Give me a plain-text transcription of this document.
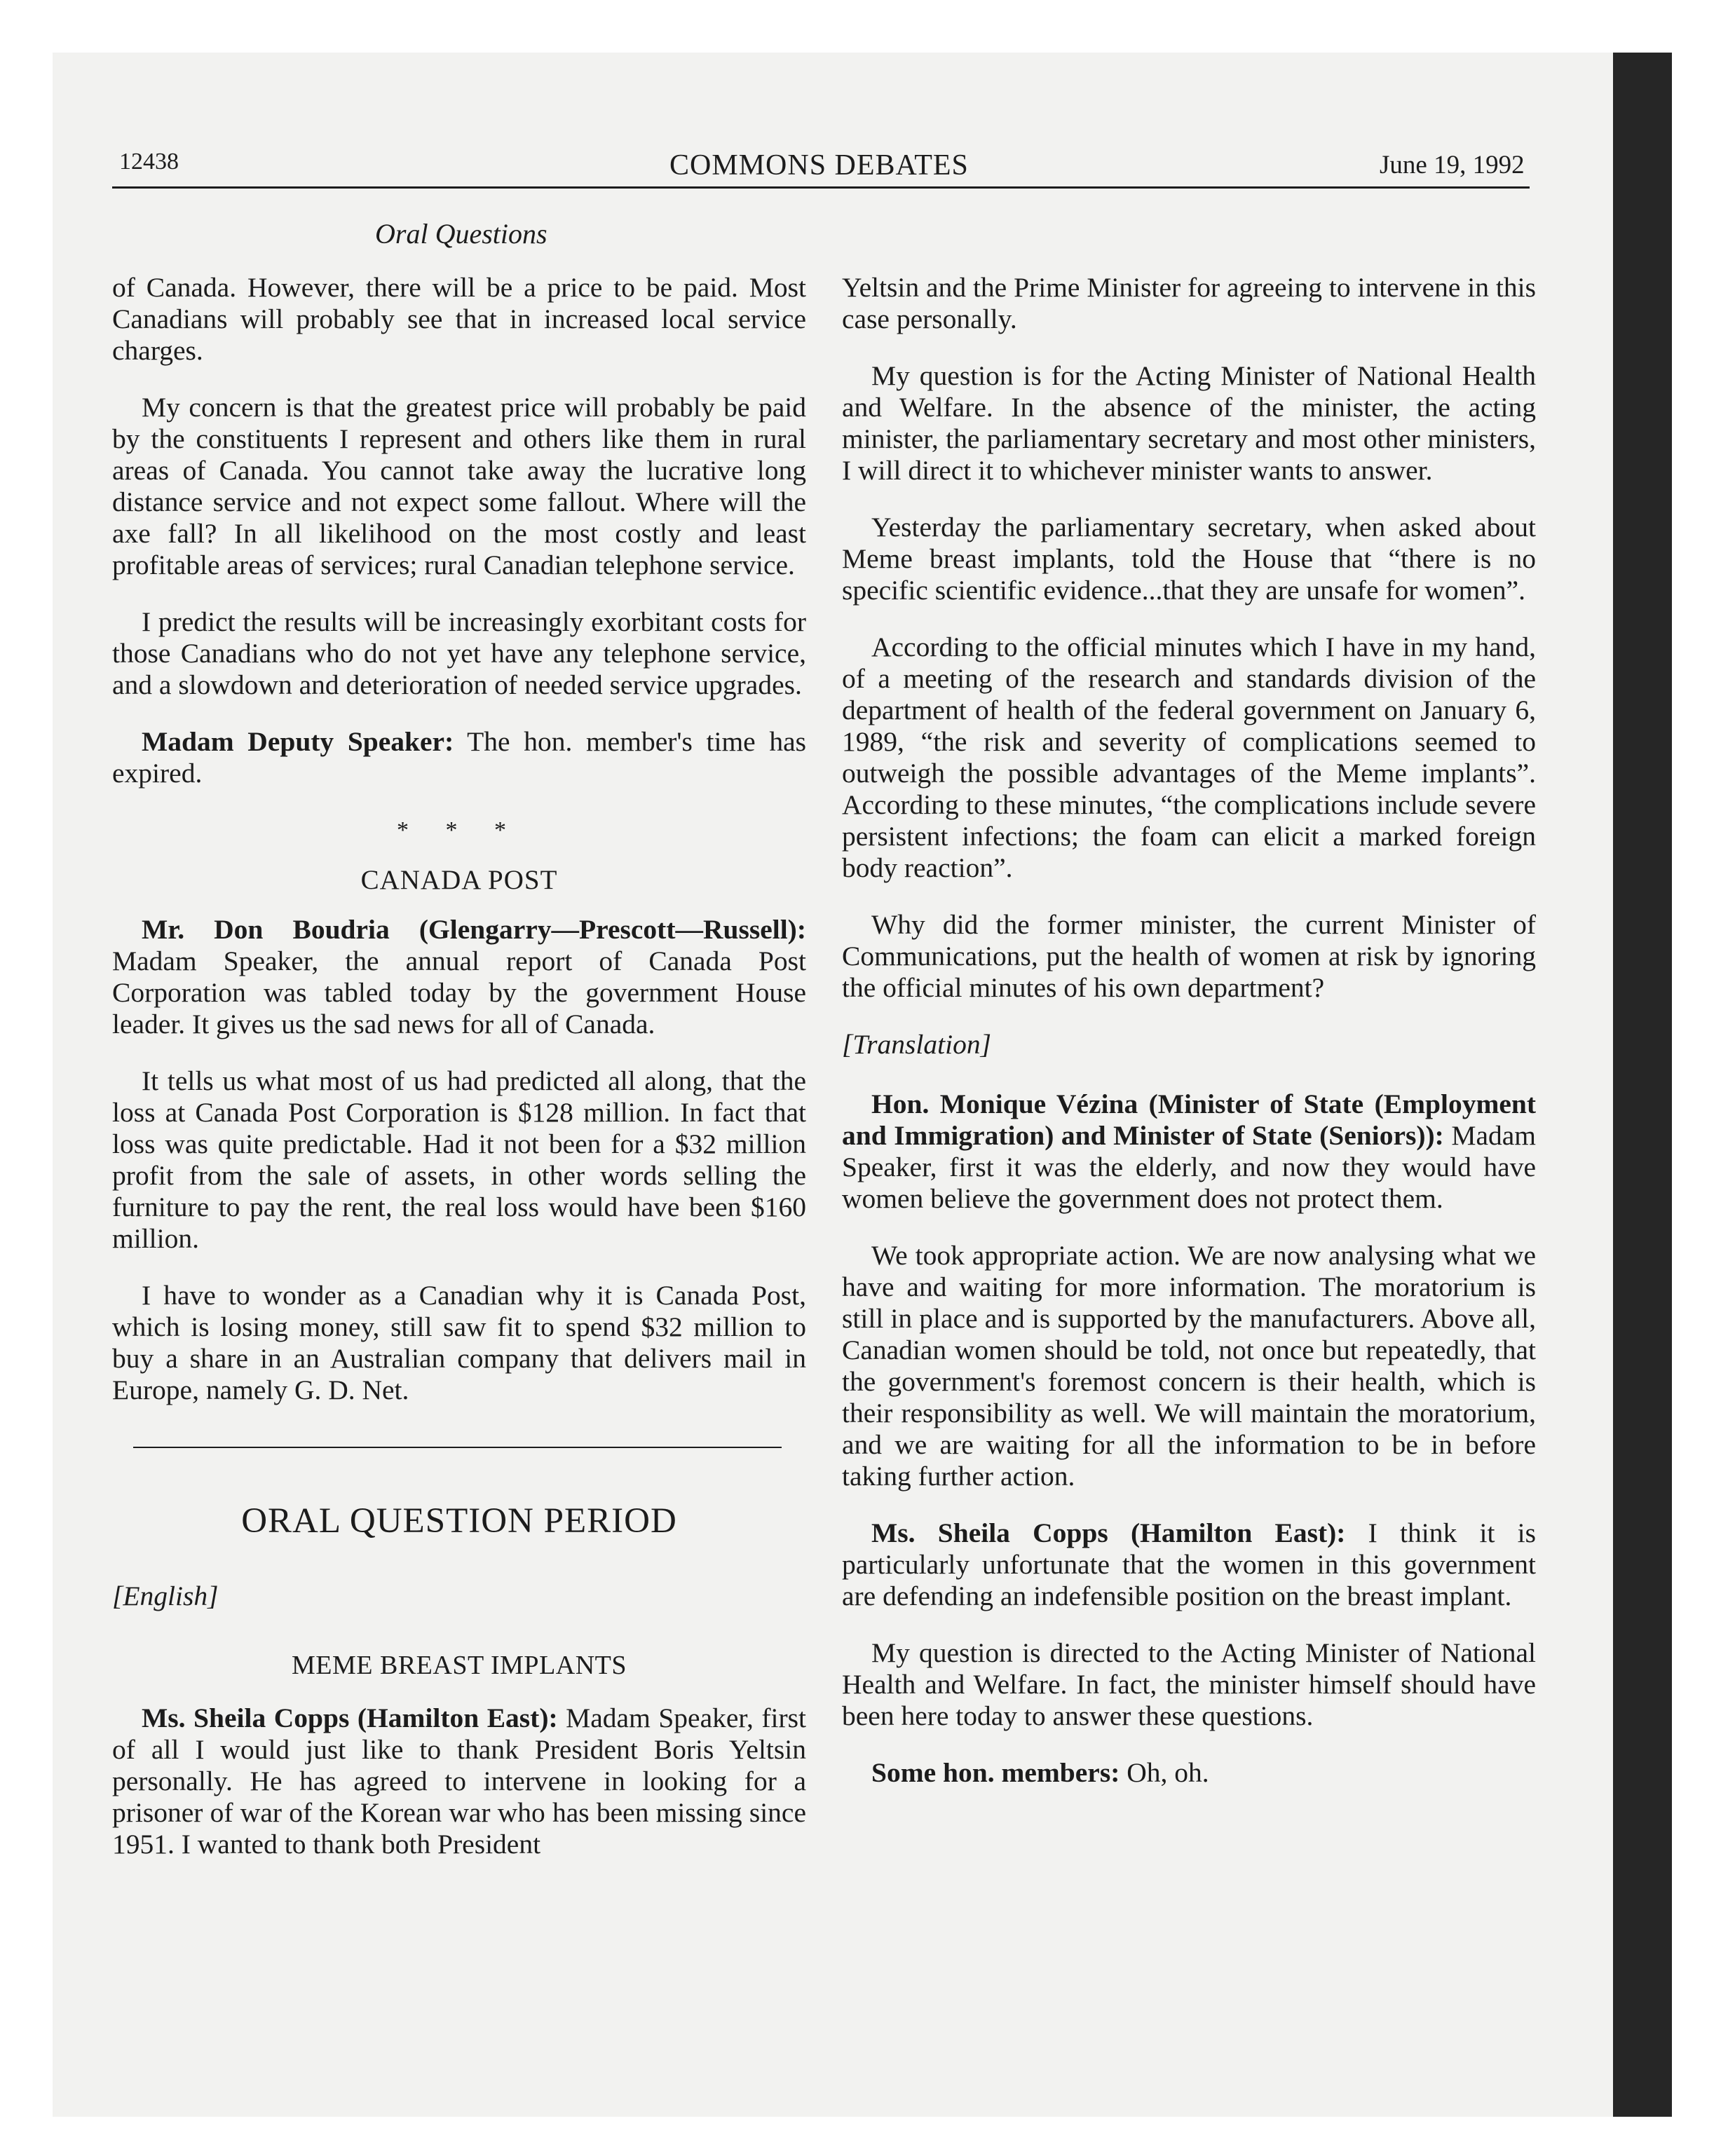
12438	COMMONS DEBATES	June 19, 1992
Oral Questions

of Canada. However, there will be a price to be paid. Most Canadians will probably see that in increased local service charges.

My concern is that the greatest price will probably be paid by the constituents I represent and others like them in rural areas of Canada. You cannot take away the lucrative long distance service and not expect some fallout. Where will the axe fall? In all likelihood on the most costly and least profitable areas of services; rural Canadian telephone service.

I predict the results will be increasingly exorbitant costs for those Canadians who do not yet have any telephone service, and a slowdown and deterioration of needed service upgrades.

Madam Deputy Speaker: The hon. member's time has expired.

* * *
CANADA POST

Mr. Don Boudria (Glengarry—Prescott—Russell): Madam Speaker, the annual report of Canada Post Corporation was tabled today by the government House leader. It gives us the sad news for all of Canada.

It tells us what most of us had predicted all along, that the loss at Canada Post Corporation is $128 million. In fact that loss was quite predictable. Had it not been for a $32 million profit from the sale of assets, in other words selling the furniture to pay the rent, the real loss would have been $160 million.

I have to wonder as a Canadian why it is Canada Post, which is losing money, still saw fit to spend $32 million to buy a share in an Australian company that delivers mail in Europe, namely G. D. Net.

ORAL QUESTION PERIOD
[English]
MEME BREAST IMPLANTS

Ms. Sheila Copps (Hamilton East): Madam Speaker, first of all I would just like to thank President Boris Yeltsin personally. He has agreed to intervene in looking for a prisoner of war of the Korean war who has been missing since 1951. I wanted to thank both President

Yeltsin and the Prime Minister for agreeing to intervene in this case personally.

My question is for the Acting Minister of National Health and Welfare. In the absence of the minister, the acting minister, the parliamentary secretary and most other ministers, I will direct it to whichever minister wants to answer.

Yesterday the parliamentary secretary, when asked about Meme breast implants, told the House that “there is no specific scientific evidence...that they are unsafe for women”.

According to the official minutes which I have in my hand, of a meeting of the research and standards division of the department of health of the federal government on January 6, 1989, “the risk and severity of complications seemed to outweigh the possible advantages of the Meme implants”. According to these minutes, “the complications include severe persistent infections; the foam can elicit a marked foreign body reaction”.

Why did the former minister, the current Minister of Communications, put the health of women at risk by ignoring the official minutes of his own department?

[Translation]

Hon. Monique Vézina (Minister of State (Employment and Immigration) and Minister of State (Seniors)): Madam Speaker, first it was the elderly, and now they would have women believe the government does not protect them.

We took appropriate action. We are now analysing what we have and waiting for more information. The moratorium is still in place and is supported by the manufacturers. Above all, Canadian women should be told, not once but repeatedly, that the government's foremost concern is their health, which is their responsibility as well. We will maintain the moratorium, and we are waiting for all the information to be in before taking further action.

Ms. Sheila Copps (Hamilton East): I think it is particularly unfortunate that the women in this government are defending an indefensible position on the breast implant.

My question is directed to the Acting Minister of National Health and Welfare. In fact, the minister himself should have been here today to answer these questions.

Some hon. members: Oh, oh.
